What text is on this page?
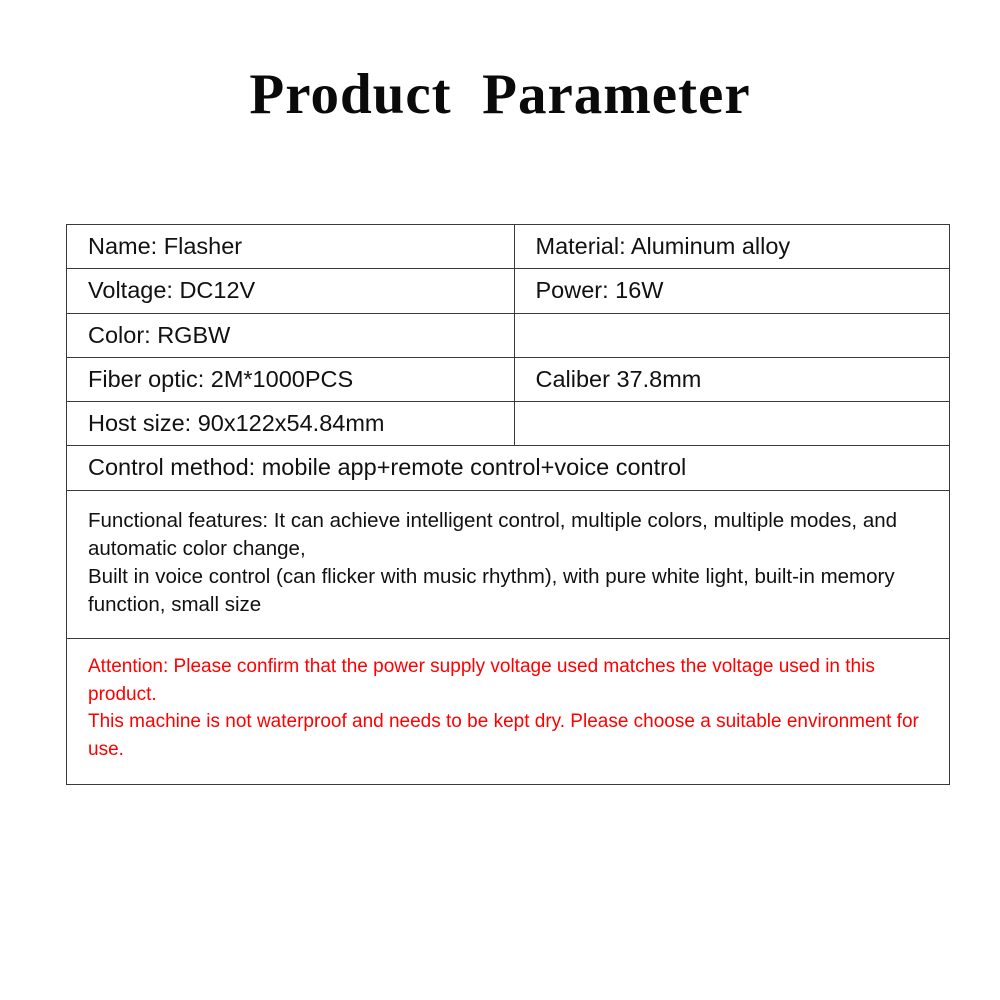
Product  Parameter
Name: Flasher	Material: Aluminum alloy
Voltage: DC12V	Power: 16W
Color: RGBW
Fiber optic: 2M*1000PCS	Caliber 37.8mm
Host size: 90x122x54.84mm
Control method: mobile app+remote control+voice control

Functional features: It can achieve intelligent control, multiple colors, multiple modes, and automatic color change,

Built in voice control (can flicker with music rhythm), with pure white light, built-in memory function, small size

Attention: Please confirm that the power supply voltage used matches the voltage used in this product.

This machine is not waterproof and needs to be kept dry. Please choose a suitable environment for use.
